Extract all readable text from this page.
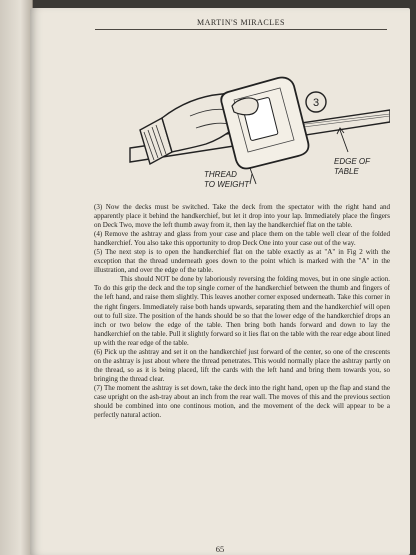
MARTIN'S MIRACLES
3
THREAD
TO WEIGHT
EDGE OF
TABLE

(3) Now the decks must be switched. Take the deck from the spectator with the right hand and apparently place it behind the handkerchief, but let it drop into your lap. Immediately place the fingers on Deck Two, move the left thumb away from it, then lay the handkerchief flat on the table.

(4) Remove the ashtray and glass from your case and place them on the table well clear of the folded handkerchief. You also take this opportunity to drop Deck One into your case out of the way.

(5) The next step is to open the handkerchief flat on the table exactly as at "A" in Fig 2 with the exception that the thread underneath goes down to the point which is marked with the "A" in the illustration, and over the edge of the table.

This should NOT be done by laboriously reversing the folding moves, but in one single action. To do this grip the deck and the top single corner of the handkerchief between the thumb and fingers of the left hand, and raise them slightly. This leaves another corner exposed underneath. Take this corner in the right fingers. Immediately raise both hands upwards, separating them and the handkerchief will open out to full size. The position of the hands should be so that the lower edge of the handkerchief drops an inch or two below the edge of the table. Then bring both hands forward and down to lay the handkerchief on the table. Pull it slightly forward so it lies flat on the table with the rear edge about lined up with the rear edge of the table.

(6) Pick up the ashtray and set it on the handkerchief just forward of the center, so one of the crescents on the ashtray is just about where the thread penetrates. This would normally place the ashtray partly on the thread, so as it is being placed, lift the cards with the left hand and bring them towards you, so bringing the thread clear.

(7) The moment the ashtray is set down, take the deck into the right hand, open up the flap and stand the case upright on the ash-tray about an inch from the rear wall. The moves of this and the previous section should be combined into one continous motion, and the movement of the deck will appear to be a perfectly natural action.

65
